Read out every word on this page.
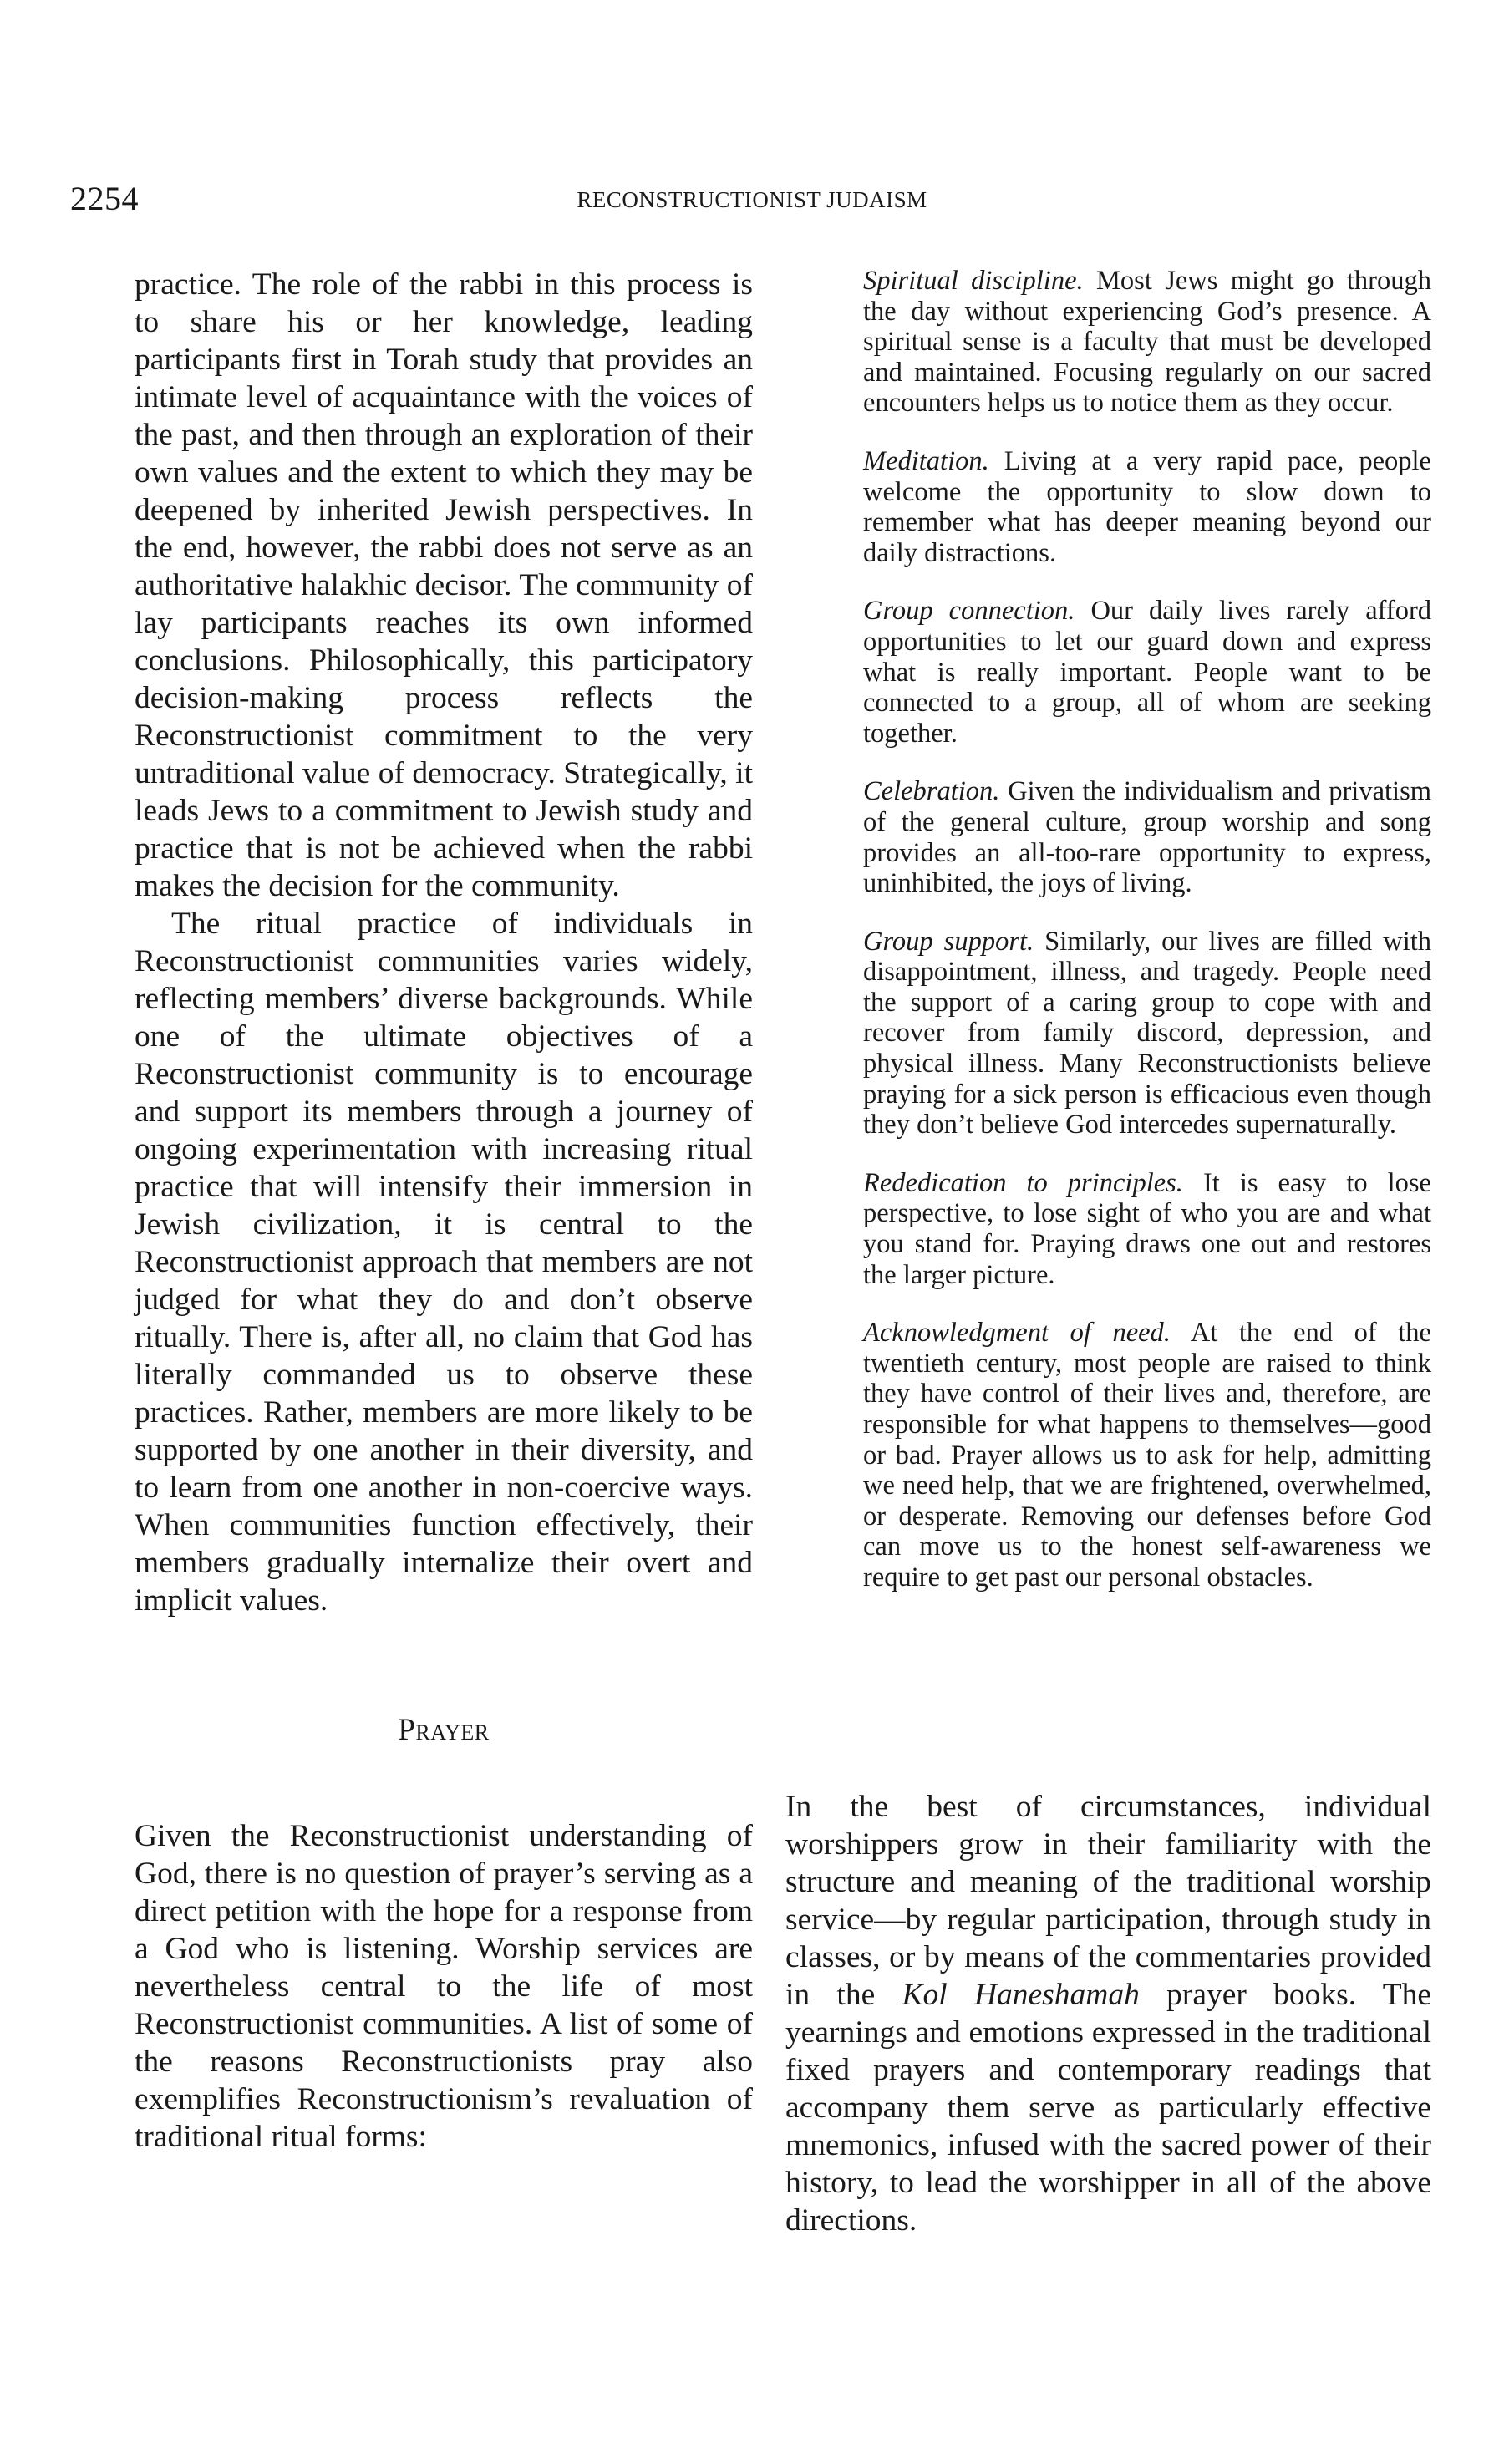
2254	RECONSTRUCTIONIST JUDAISM

practice. The role of the rabbi in this process is to share his or her knowledge, leading participants first in Torah study that provides an intimate level of acquaintance with the voices of the past, and then through an exploration of their own values and the extent to which they may be deepened by inherited Jewish perspectives. In the end, however, the rabbi does not serve as an authoritative halakhic decisor. The community of lay participants reaches its own informed conclusions. Philosophically, this participatory decision-making process reflects the Reconstructionist commitment to the very untraditional value of democracy. Strategically, it leads Jews to a commitment to Jewish study and practice that is not be achieved when the rabbi makes the decision for the community.

The ritual practice of individuals in Reconstructionist communities varies widely, reflecting members’ diverse backgrounds. While one of the ultimate objectives of a Reconstructionist community is to encourage and support its members through a journey of ongoing experimentation with increasing ritual practice that will intensify their immersion in Jewish civilization, it is central to the Reconstructionist approach that members are not judged for what they do and don’t observe ritually. There is, after all, no claim that God has literally commanded us to observe these practices. Rather, members are more likely to be supported by one another in their diversity, and to learn from one another in non-coercive ways. When communities function effectively, their members gradually internalize their overt and implicit values.

Prayer

Given the Reconstructionist understanding of God, there is no question of prayer’s serving as a direct petition with the hope for a response from a God who is listening. Worship services are nevertheless central to the life of most Reconstructionist communities. A list of some of the reasons Reconstructionists pray also exemplifies Reconstructionism’s revaluation of traditional ritual forms:

Spiritual discipline. Most Jews might go through the day without experiencing God’s presence. A spiritual sense is a faculty that must be developed and maintained. Focusing regularly on our sacred encounters helps us to notice them as they occur.

Meditation. Living at a very rapid pace, people welcome the opportunity to slow down to remember what has deeper meaning beyond our daily distractions.

Group connection. Our daily lives rarely afford opportunities to let our guard down and express what is really important. People want to be connected to a group, all of whom are seeking together.

Celebration. Given the individualism and privatism of the general culture, group worship and song provides an all-too-rare opportunity to express, uninhibited, the joys of living.

Group support. Similarly, our lives are filled with disappointment, illness, and tragedy. People need the support of a caring group to cope with and recover from family discord, depression, and physical illness. Many Reconstructionists believe praying for a sick person is efficacious even though they don’t believe God intercedes supernaturally.

Rededication to principles. It is easy to lose perspective, to lose sight of who you are and what you stand for. Praying draws one out and restores the larger picture.

Acknowledgment of need. At the end of the twentieth century, most people are raised to think they have control of their lives and, therefore, are responsible for what happens to themselves—good or bad. Prayer allows us to ask for help, admitting we need help, that we are frightened, overwhelmed, or desperate. Removing our defenses before God can move us to the honest self-awareness we require to get past our personal obstacles.

In the best of circumstances, individual worshippers grow in their familiarity with the structure and meaning of the traditional worship service—by regular participation, through study in classes, or by means of the commentaries provided in the Kol Haneshamah prayer books. The yearnings and emotions expressed in the traditional fixed prayers and contemporary readings that accompany them serve as particularly effective mnemonics, infused with the sacred power of their history, to lead the worshipper in all of the above directions.
